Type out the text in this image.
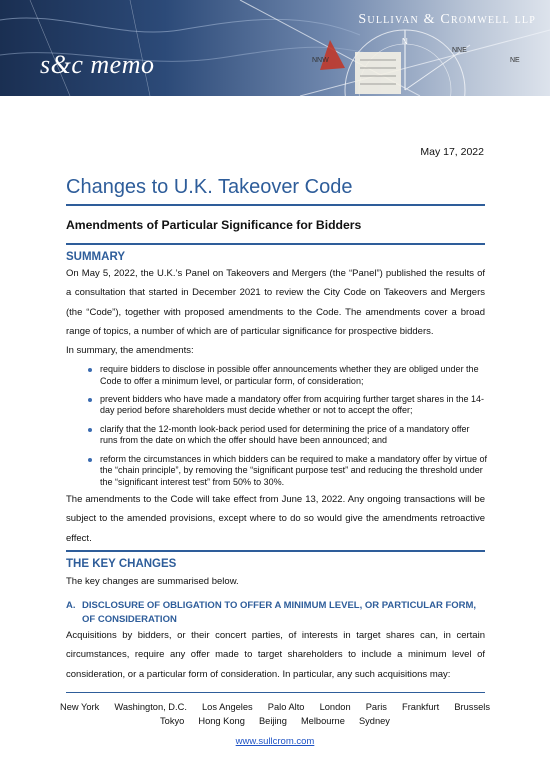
N
NNE
NE
NNW
Sullivan & Cromwell llp
s&c memo
May 17, 2022
Changes to U.K. Takeover Code
Amendments of Particular Significance for Bidders
SUMMARY
On May 5, 2022, the U.K.’s Panel on Takeovers and Mergers (the “Panel”) published the results of a consultation that started in December 2021 to review the City Code on Takeovers and Mergers (the “Code”), together with proposed amendments to the Code. The amendments cover a broad range of topics, a number of which are of particular significance for prospective bidders.
In summary, the amendments:
require bidders to disclose in possible offer announcements whether they are obliged under the Code to offer a minimum level, or particular form, of consideration;
prevent bidders who have made a mandatory offer from acquiring further target shares in the 14-day period before shareholders must decide whether or not to accept the offer;
clarify that the 12-month look-back period used for determining the price of a mandatory offer runs from the date on which the offer should have been announced; and
reform the circumstances in which bidders can be required to make a mandatory offer by virtue of the “chain principle”, by removing the “significant purpose test” and reducing the threshold under the “significant interest test” from 50% to 30%.
The amendments to the Code will take effect from June 13, 2022. Any ongoing transactions will be subject to the amended provisions, except where to do so would give the amendments retroactive effect.
THE KEY CHANGES
The key changes are summarised below.
A. DISCLOSURE OF OBLIGATION TO OFFER A MINIMUM LEVEL, OR PARTICULAR FORM,
OF CONSIDERATION
Acquisitions by bidders, or their concert parties, of interests in target shares can, in certain circumstances, require any offer made to target shareholders to include a minimum level of consideration, or a particular form of consideration. In particular, any such acquisitions may:
New York Washington, D.C. Los Angeles Palo Alto London Paris Frankfurt Brussels
Tokyo Hong Kong Beijing Melbourne Sydney
www.sullcrom.com
